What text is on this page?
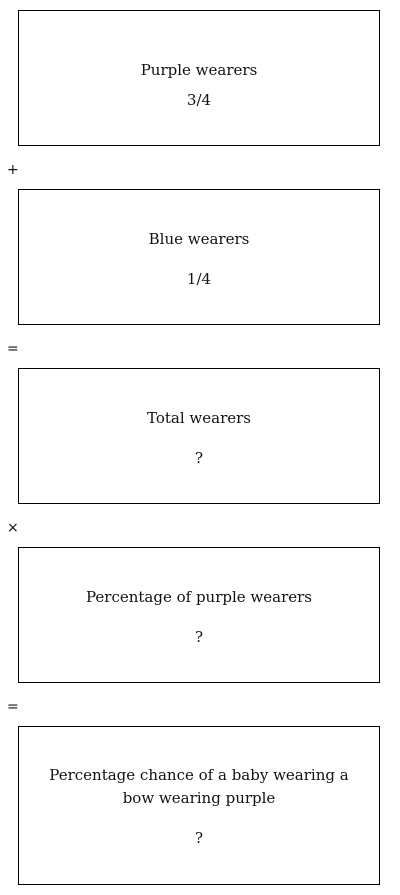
Purple wearers
3/4
+
Blue wearers
1/4
=
Total wearers
?
×
Percentage of purple wearers
?
=
Percentage chance of a baby wearing a bow wearing purple
?
